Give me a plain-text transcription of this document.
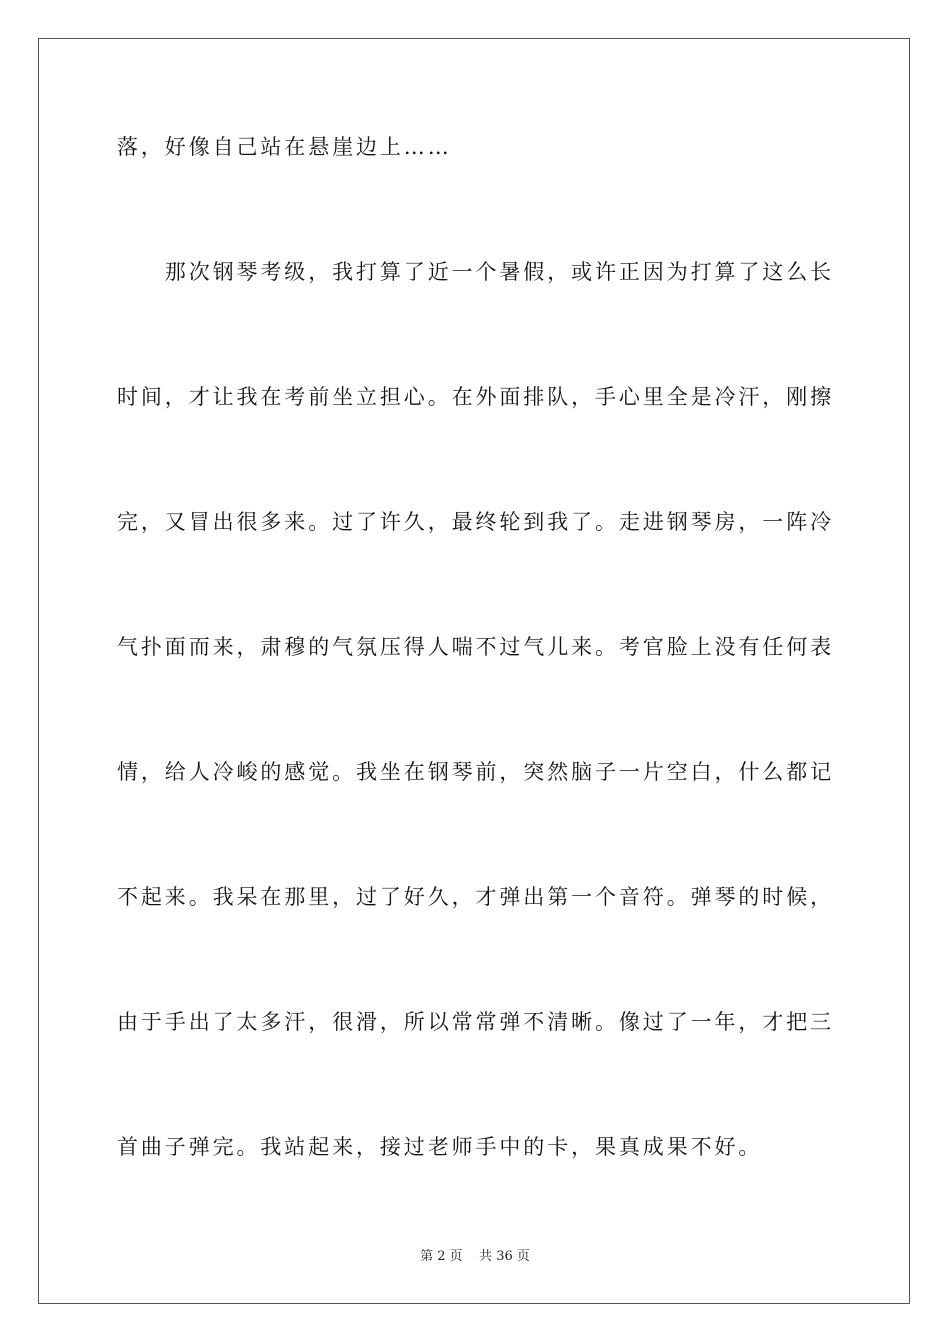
落，好像自己站在悬崖边上……
　　那次钢琴考级，我打算了近一个暑假，或许正因为打算了这么长
时间，才让我在考前坐立担心。在外面排队，手心里全是冷汗，刚擦
完，又冒出很多来。过了许久，最终轮到我了。走进钢琴房，一阵冷
气扑面而来，肃穆的气氛压得人喘不过气儿来。考官脸上没有任何表
情，给人冷峻的感觉。我坐在钢琴前，突然脑子一片空白，什么都记
不起来。我呆在那里，过了好久，才弹出第一个音符。弹琴的时候，
由于手出了太多汗，很滑，所以常常弹不清晰。像过了一年，才把三
首曲子弹完。我站起来，接过老师手中的卡，果真成果不好。
第 2 页    共 36 页
